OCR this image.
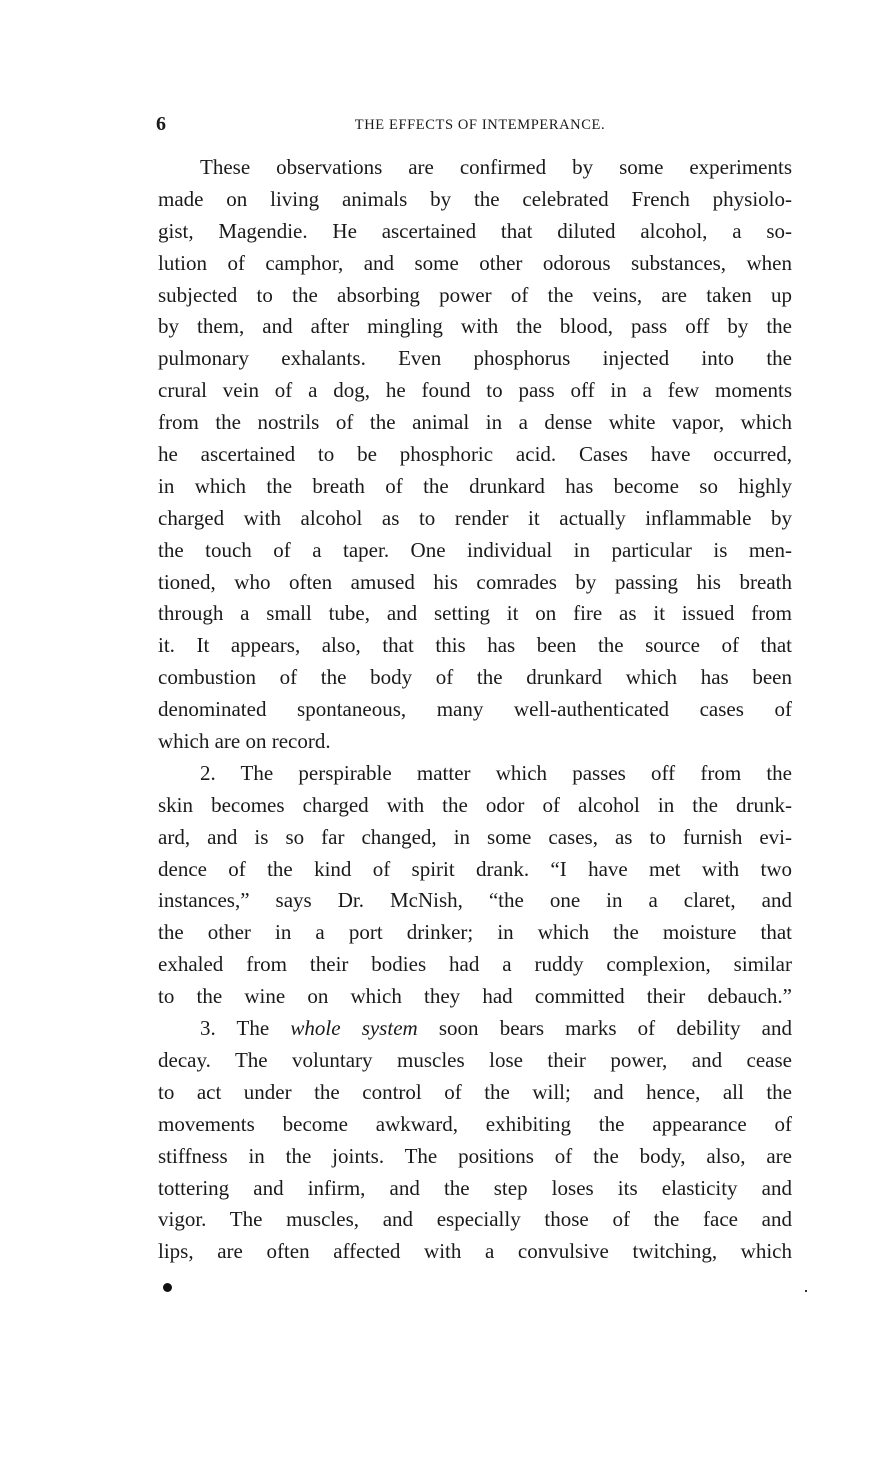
6	THE EFFECTS OF INTEMPERANCE.
These observations are confirmed by some experiments
made on living animals by the celebrated French physiolo-
gist, Magendie. He ascertained that diluted alcohol, a so-
lution of camphor, and some other odorous substances, when
subjected to the absorbing power of the veins, are taken up
by them, and after mingling with the blood, pass off by the
pulmonary exhalants. Even phosphorus injected into the
crural vein of a dog, he found to pass off in a few moments
from the nostrils of the animal in a dense white vapor, which
he ascertained to be phosphoric acid. Cases have occurred,
in which the breath of the drunkard has become so highly
charged with alcohol as to render it actually inflammable by
the touch of a taper. One individual in particular is men-
tioned, who often amused his comrades by passing his breath
through a small tube, and setting it on fire as it issued from
it. It appears, also, that this has been the source of that
combustion of the body of the drunkard which has been
denominated spontaneous, many well-authenticated cases of
which are on record.
2. The perspirable matter which passes off from the
skin becomes charged with the odor of alcohol in the drunk-
ard, and is so far changed, in some cases, as to furnish evi-
dence of the kind of spirit drank. “I have met with two
instances,” says Dr. McNish, “the one in a claret, and
the other in a port drinker; in which the moisture that
exhaled from their bodies had a ruddy complexion, similar
to the wine on which they had committed their debauch.”
3. The whole system soon bears marks of debility and
decay. The voluntary muscles lose their power, and cease
to act under the control of the will; and hence, all the
movements become awkward, exhibiting the appearance of
stiffness in the joints. The positions of the body, also, are
tottering and infirm, and the step loses its elasticity and
vigor. The muscles, and especially those of the face and
lips, are often affected with a convulsive twitching, which
